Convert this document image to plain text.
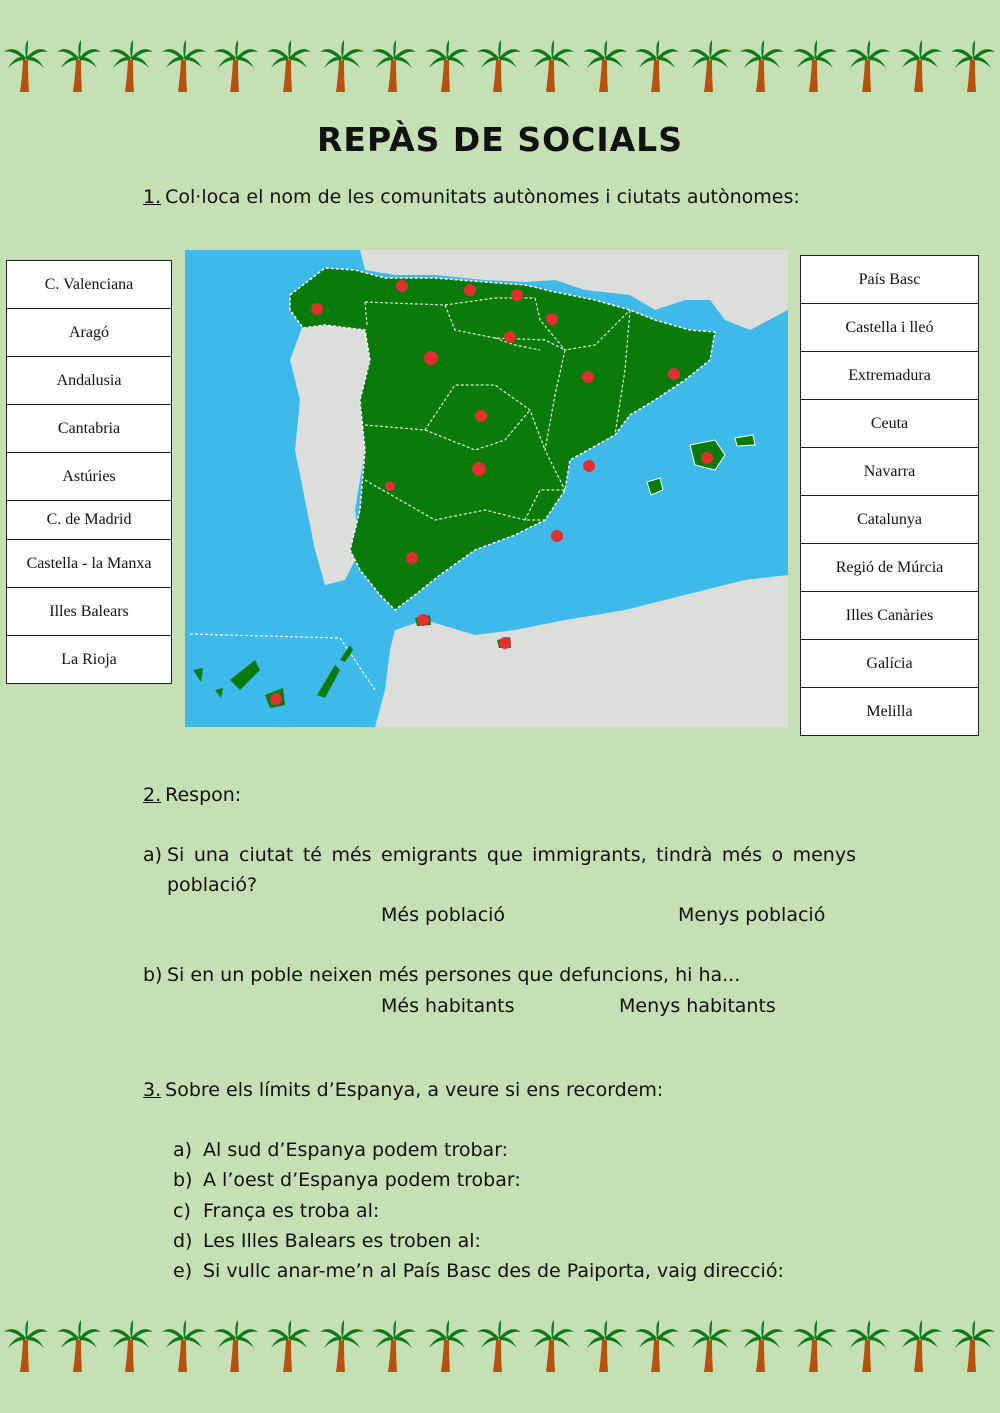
REPÀS DE SOCIALS
1. Col·loca el nom de les comunitats autònomes i ciutats autònomes:
C. Valenciana
Aragó
Andalusia
Cantabria
Astúries
C. de Madrid
Castella - la Manxa
Illes Balears
La Rioja
País Basc
Castella i lleó
Extremadura
Ceuta
Navarra
Catalunya
Regió de Múrcia
Illes Canàries
Galícia
Melilla
2. Respon:
a) Si una ciutat té més emigrants que immigrants, tindrà més o menys
població?
Més població	Menys població
b) Si en un poble neixen més persones que defuncions, hi ha...
Més habitants	Menys habitants
3. Sobre els límits d’Espanya, a veure si ens recordem:
a) Al sud d’Espanya podem trobar:
b) A l’oest d’Espanya podem trobar:
c) França es troba al:
d) Les Illes Balears es troben al:
e) Si vullc anar-me’n al País Basc des de Paiporta, vaig direcció:
